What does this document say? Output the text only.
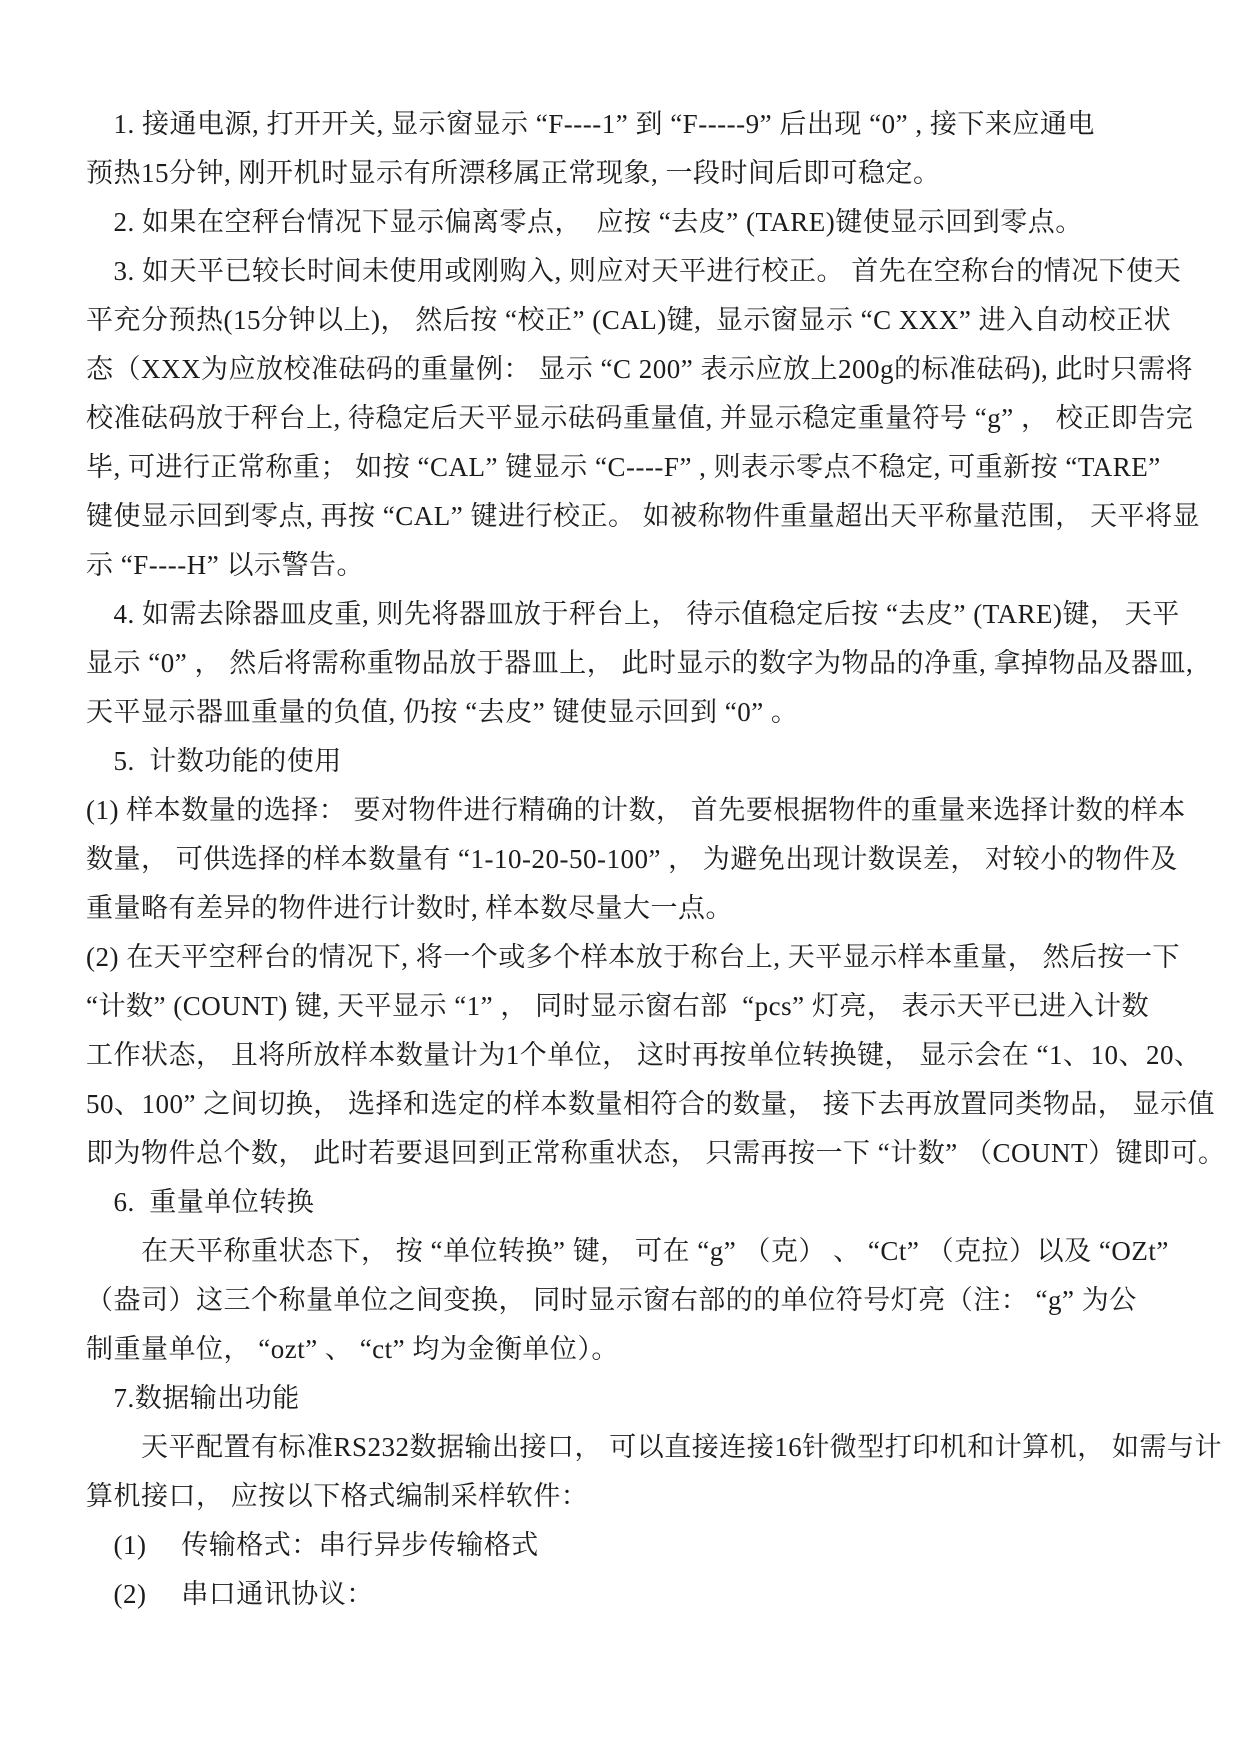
　1. 接通电源, 打开开关, 显示窗显示 “F----1” 到 “F-----9” 后出现 “0” , 接下来应通电
预热15分钟, 刚开机时显示有所漂移属正常现象, 一段时间后即可稳定。
　2. 如果在空秤台情况下显示偏离零点，  应按 “去皮” (TARE)键使显示回到零点。
　3. 如天平已较长时间未使用或刚购入, 则应对天平进行校正。 首先在空称台的情况下使天
平充分预热(15分钟以上)， 然后按 “校正” (CAL)键,  显示窗显示 “C XXX” 进入自动校正状
态（XXX为应放校准砝码的重量例： 显示 “C 200” 表示应放上200g的标准砝码), 此时只需将
校准砝码放于秤台上, 待稳定后天平显示砝码重量值, 并显示稳定重量符号 “g” ， 校正即告完
毕, 可进行正常称重； 如按 “CAL” 键显示 “C----F” , 则表示零点不稳定, 可重新按 “TARE”
键使显示回到零点, 再按 “CAL” 键进行校正。 如被称物件重量超出天平称量范围， 天平将显
示 “F----H” 以示警告。
　4. 如需去除器皿皮重, 则先将器皿放于秤台上， 待示值稳定后按 “去皮” (TARE)键， 天平
显示 “0” ， 然后将需称重物品放于器皿上， 此时显示的数字为物品的净重, 拿掉物品及器皿,
天平显示器皿重量的负值, 仍按 “去皮” 键使显示回到 “0” 。
　5.  计数功能的使用
(1) 样本数量的选择： 要对物件进行精确的计数， 首先要根据物件的重量来选择计数的样本
数量， 可供选择的样本数量有 “1-10-20-50-100” ， 为避免出现计数误差， 对较小的物件及
重量略有差异的物件进行计数时, 样本数尽量大一点。
(2) 在天平空秤台的情况下, 将一个或多个样本放于称台上, 天平显示样本重量， 然后按一下
“计数” (COUNT) 键, 天平显示 “1” ， 同时显示窗右部  “pcs” 灯亮， 表示天平已进入计数
工作状态， 且将所放样本数量计为1个单位， 这时再按单位转换键， 显示会在 “1、10、20、
50、100” 之间切换， 选择和选定的样本数量相符合的数量， 接下去再放置同类物品， 显示值
即为物件总个数， 此时若要退回到正常称重状态， 只需再按一下 “计数” （COUNT）键即可。
　6.  重量单位转换
　　在天平称重状态下， 按 “单位转换” 键， 可在 “g” （克） 、 “Ct” （克拉）以及 “OZt”
（盎司）这三个称量单位之间变换， 同时显示窗右部的的单位符号灯亮（注： “g” 为公
制重量单位， “ozt” 、 “ct” 均为金衡单位）。
　7.数据输出功能
　　天平配置有标准RS232数据输出接口， 可以直接连接16针微型打印机和计算机， 如需与计
算机接口， 应按以下格式编制采样软件：
　(1)　 传输格式：串行异步传输格式
　(2)　 串口通讯协议：
